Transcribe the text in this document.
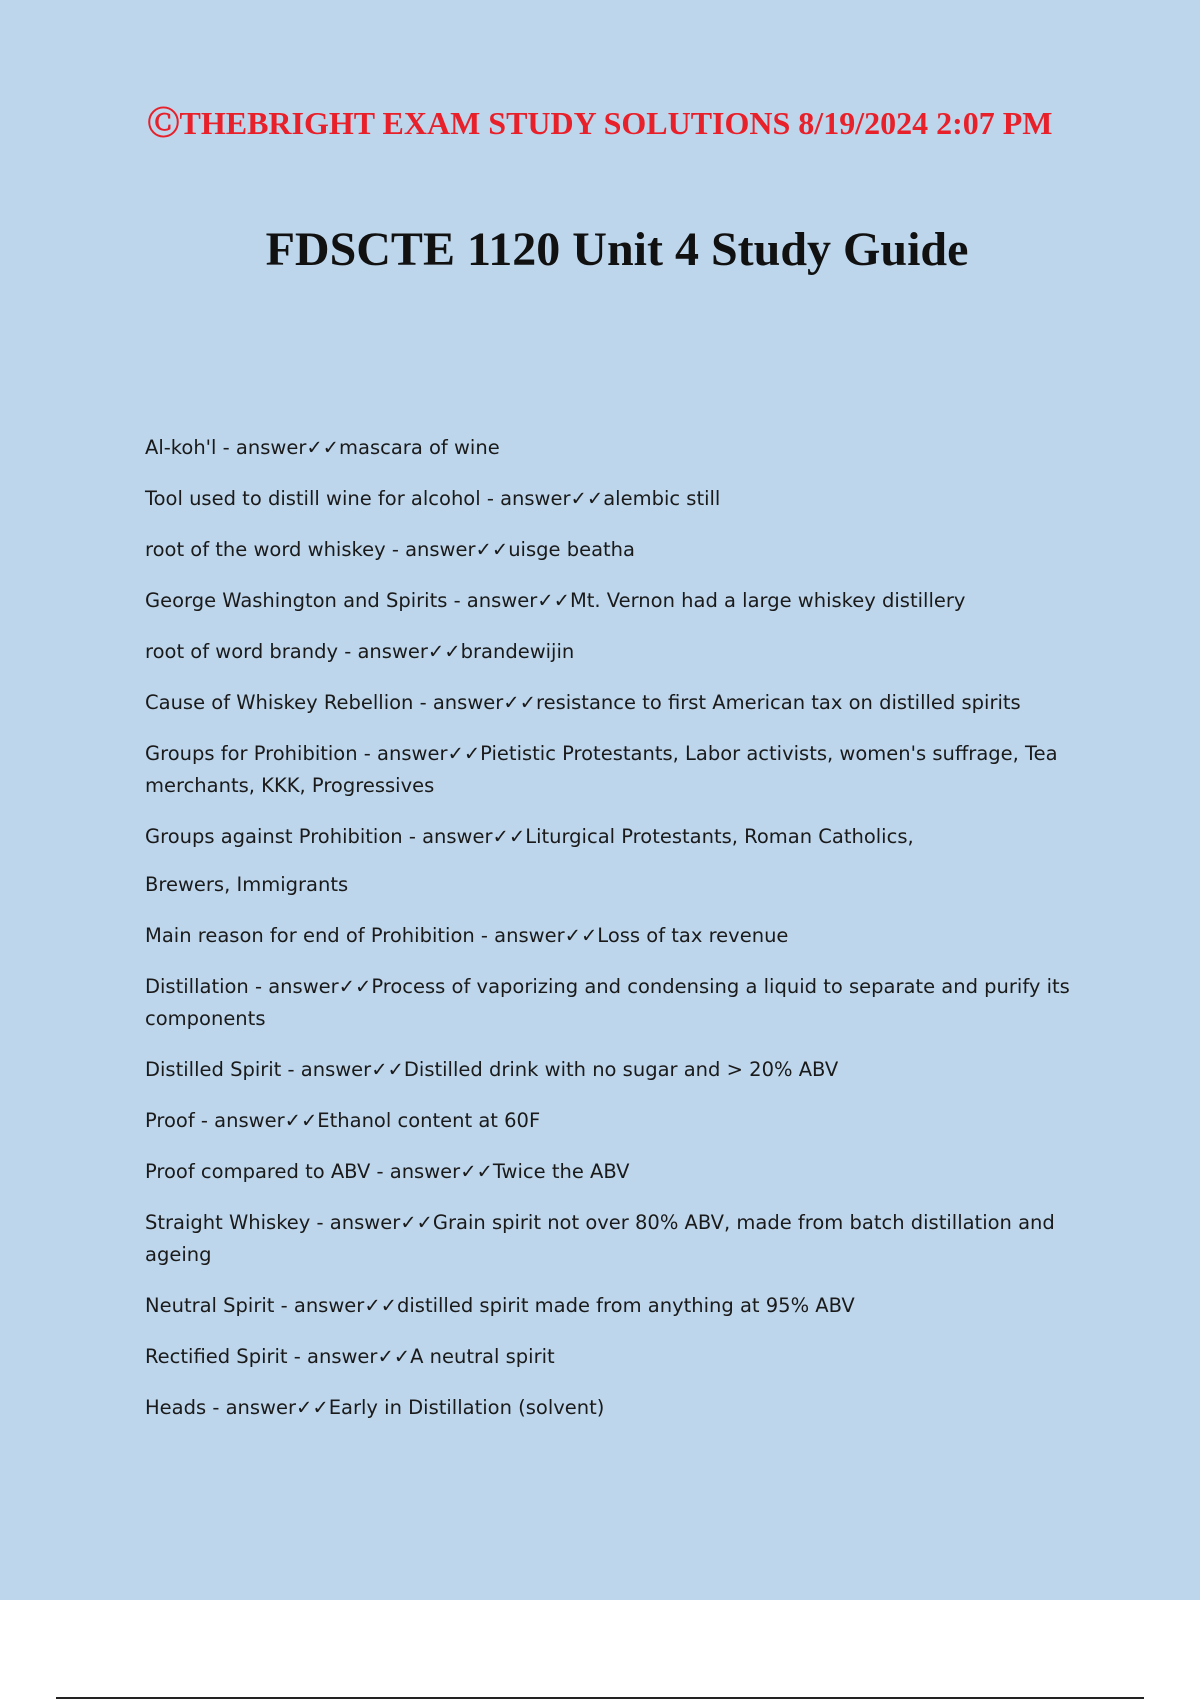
ⒸTHEBRIGHT EXAM STUDY SOLUTIONS 8/19/2024 2:07 PM
FDSCTE 1120 Unit 4 Study Guide
Al-koh'l - answer✓✓mascara of wine
Tool used to distill wine for alcohol - answer✓✓alembic still
root of the word whiskey - answer✓✓uisge beatha
George Washington and Spirits - answer✓✓Mt. Vernon had a large whiskey distillery
root of word brandy - answer✓✓brandewijin
Cause of Whiskey Rebellion - answer✓✓resistance to first American tax on distilled spirits
Groups for Prohibition - answer✓✓Pietistic Protestants, Labor activists, women's suffrage, Tea merchants, KKK, Progressives
Groups against Prohibition - answer✓✓Liturgical Protestants, Roman Catholics,
Brewers, Immigrants
Main reason for end of Prohibition - answer✓✓Loss of tax revenue
Distillation - answer✓✓Process of vaporizing and condensing a liquid to separate and purify its components
Distilled Spirit - answer✓✓Distilled drink with no sugar and > 20% ABV
Proof - answer✓✓Ethanol content at 60F
Proof compared to ABV - answer✓✓Twice the ABV
Straight Whiskey - answer✓✓Grain spirit not over 80% ABV, made from batch distillation and ageing
Neutral Spirit - answer✓✓distilled spirit made from anything at 95% ABV
Rectified Spirit - answer✓✓A neutral spirit
Heads - answer✓✓Early in Distillation (solvent)
